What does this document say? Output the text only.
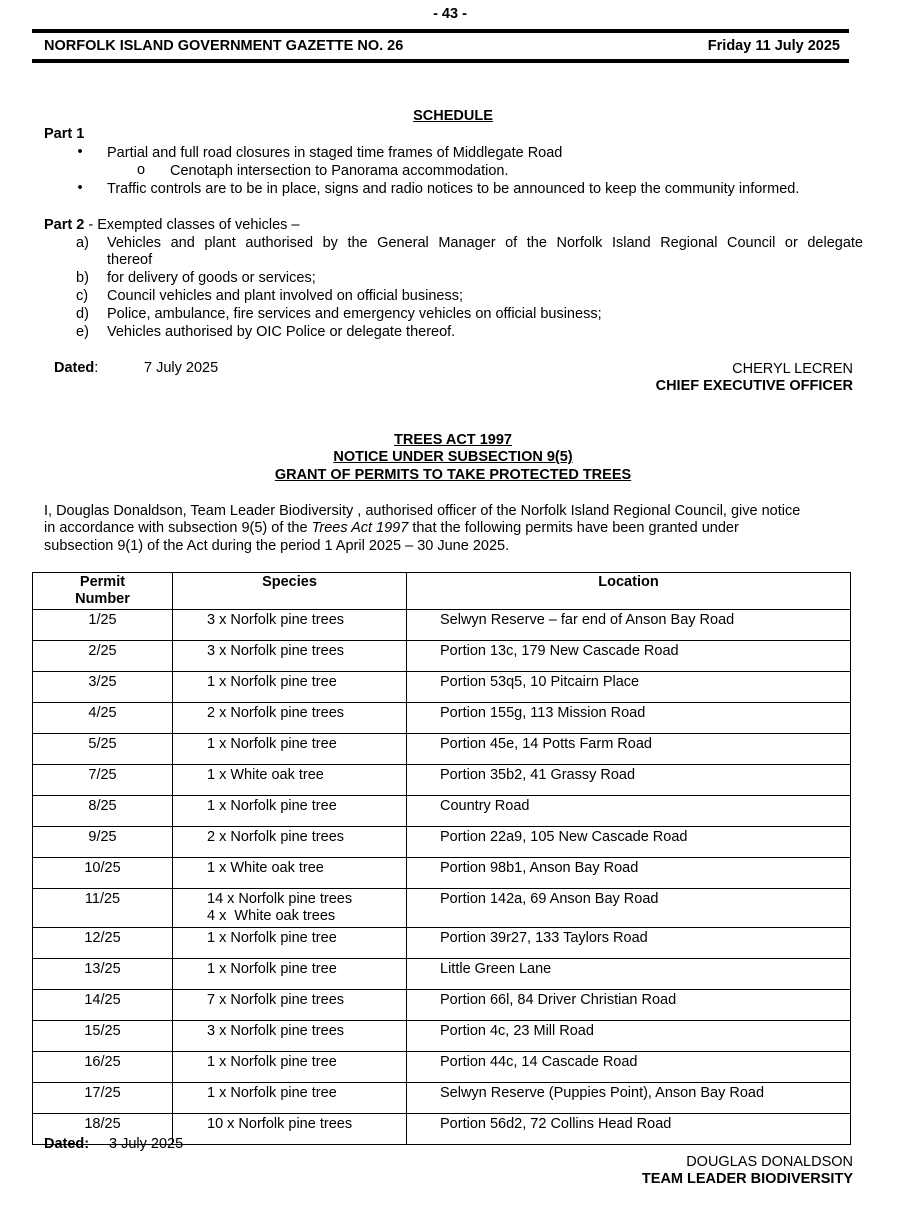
- 43 -
NORFOLK ISLAND GOVERNMENT GAZETTE NO. 26	Friday 11 July 2025
SCHEDULE
Part 1
• Partial and full road closures in staged time frames of Middlegate Road
o Cenotaph intersection to Panorama accommodation.
• Traffic controls are to be in place, signs and radio notices to be announced to keep the community informed.
Part 2 - Exempted classes of vehicles –
a) Vehicles and plant authorised by the General Manager of the Norfolk Island Regional Council or delegate
thereof
b) for delivery of goods or services;
c) Council vehicles and plant involved on official business;
d) Police, ambulance, fire services and emergency vehicles on official business;
e) Vehicles authorised by OIC Police or delegate thereof.
Dated:	7 July 2025	CHERYL LECREN
CHIEF EXECUTIVE OFFICER
TREES ACT 1997
NOTICE UNDER SUBSECTION 9(5)
GRANT OF PERMITS TO TAKE PROTECTED TREES
I, Douglas Donaldson, Team Leader Biodiversity , authorised officer of the Norfolk Island Regional Council, give notice
in accordance with subsection 9(5) of the Trees Act 1997 that the following permits have been granted under
subsection 9(1) of the Act during the period 1 April 2025 – 30 June 2025.
Permit
Number	Species	Location
1/25	3 x Norfolk pine trees	Selwyn Reserve – far end of Anson Bay Road
2/25	3 x Norfolk pine trees	Portion 13c, 179 New Cascade Road
3/25	1 x Norfolk pine tree	Portion 53q5, 10 Pitcairn Place
4/25	2 x Norfolk pine trees	Portion 155g, 113 Mission Road
5/25	1 x Norfolk pine tree	Portion 45e, 14 Potts Farm Road
7/25	1 x White oak tree	Portion 35b2, 41 Grassy Road
8/25	1 x Norfolk pine tree	Country Road
9/25	2 x Norfolk pine trees	Portion 22a9, 105 New Cascade Road
10/25	1 x White oak tree	Portion 98b1, Anson Bay Road
11/25	14 x Norfolk pine trees
4 x  White oak trees	Portion 142a, 69 Anson Bay Road
12/25	1 x Norfolk pine tree	Portion 39r27, 133 Taylors Road
13/25	1 x Norfolk pine tree	Little Green Lane
14/25	7 x Norfolk pine trees	Portion 66l, 84 Driver Christian Road
15/25	3 x Norfolk pine trees	Portion 4c, 23 Mill Road
16/25	1 x Norfolk pine tree	Portion 44c, 14 Cascade Road
17/25	1 x Norfolk pine tree	Selwyn Reserve (Puppies Point), Anson Bay Road
18/25	10 x Norfolk pine trees	Portion 56d2, 72 Collins Head Road
Dated: 3 July 2025
DOUGLAS DONALDSON
TEAM LEADER BIODIVERSITY
